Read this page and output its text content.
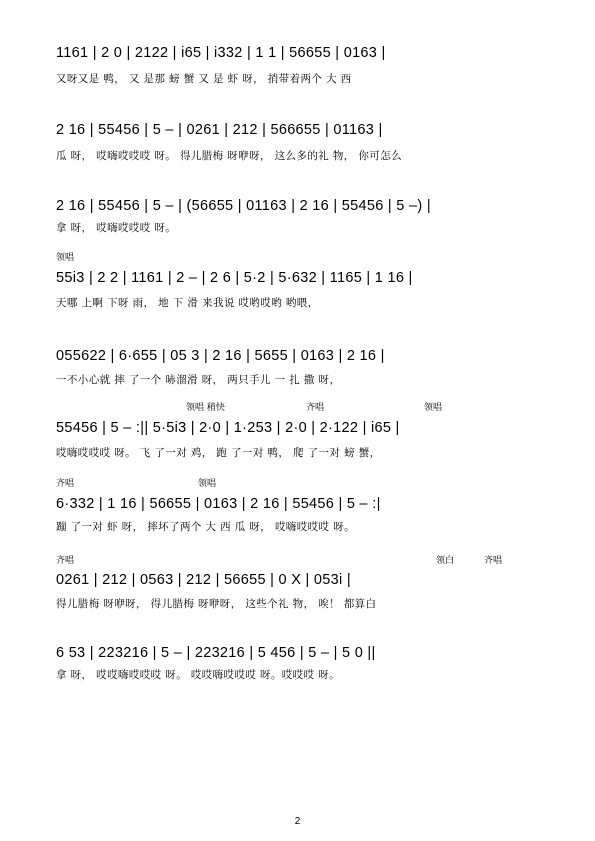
1161 | 2 0 | 2122 | i65 | i332 | 1 1 | 56655 | 0163 |
又呀又是 鸭， 又 是那 螃 蟹 又 是 虾 呀， 捎带着两个 大 西
2 16 | 55456 | 5 – | 0261 | 212 | 566655 | 01163 |
瓜 呀， 哎嗨哎哎哎 呀。 得儿腊梅 呀咿呀， 这么多的礼 物， 你可怎么
2 16 | 55456 | 5 – | (56655 | 01163 | 2 16 | 55456 | 5 –) |
拿 呀， 哎嗨哎哎哎 呀。
领唱
55i3 | 2 2 | 1161 | 2 – | 2 6 | 5·2 | 5·632 | 1165 | 1 16 |
天哪 上啊 下呀 雨， 地 下 滑 来我说 哎哟哎哟 哟喂，
055622 | 6·655 | 05 3 | 2 16 | 5655 | 0163 | 2 16 |
一不小心就 摔 了一个 哧溜滑 呀， 两只手儿 一 扎 撒 呀，
领唱 稍快	齐唱	领唱
55456 | 5 – :|| 5·5i3 | 2·0 | 1·253 | 2·0 | 2·122 | i65 |
哎嗨哎哎哎 呀。 飞 了一对 鸡， 跑 了一对 鸭， 爬 了一对 螃 蟹，
齐唱	领唱
6·332 | 1 16 | 56655 | 0163 | 2 16 | 55456 | 5 – :|
蹦 了一对 虾 呀， 摔坏了两个 大 西 瓜 呀， 哎嗨哎哎哎 呀。
齐唱	领白	齐唱
0261 | 212 | 0563 | 212 | 56655 | 0 X | 053i |
得儿腊梅 呀咿呀， 得儿腊梅 呀咿呀， 这些个礼 物， 唉！ 都算白
6 53 | 223216 | 5 – | 223216 | 5 456 | 5 – | 5 0 ||
拿 呀， 哎哎嗨哎哎哎 呀。 哎哎嗨哎哎哎 呀。哎哎哎 呀。
2
